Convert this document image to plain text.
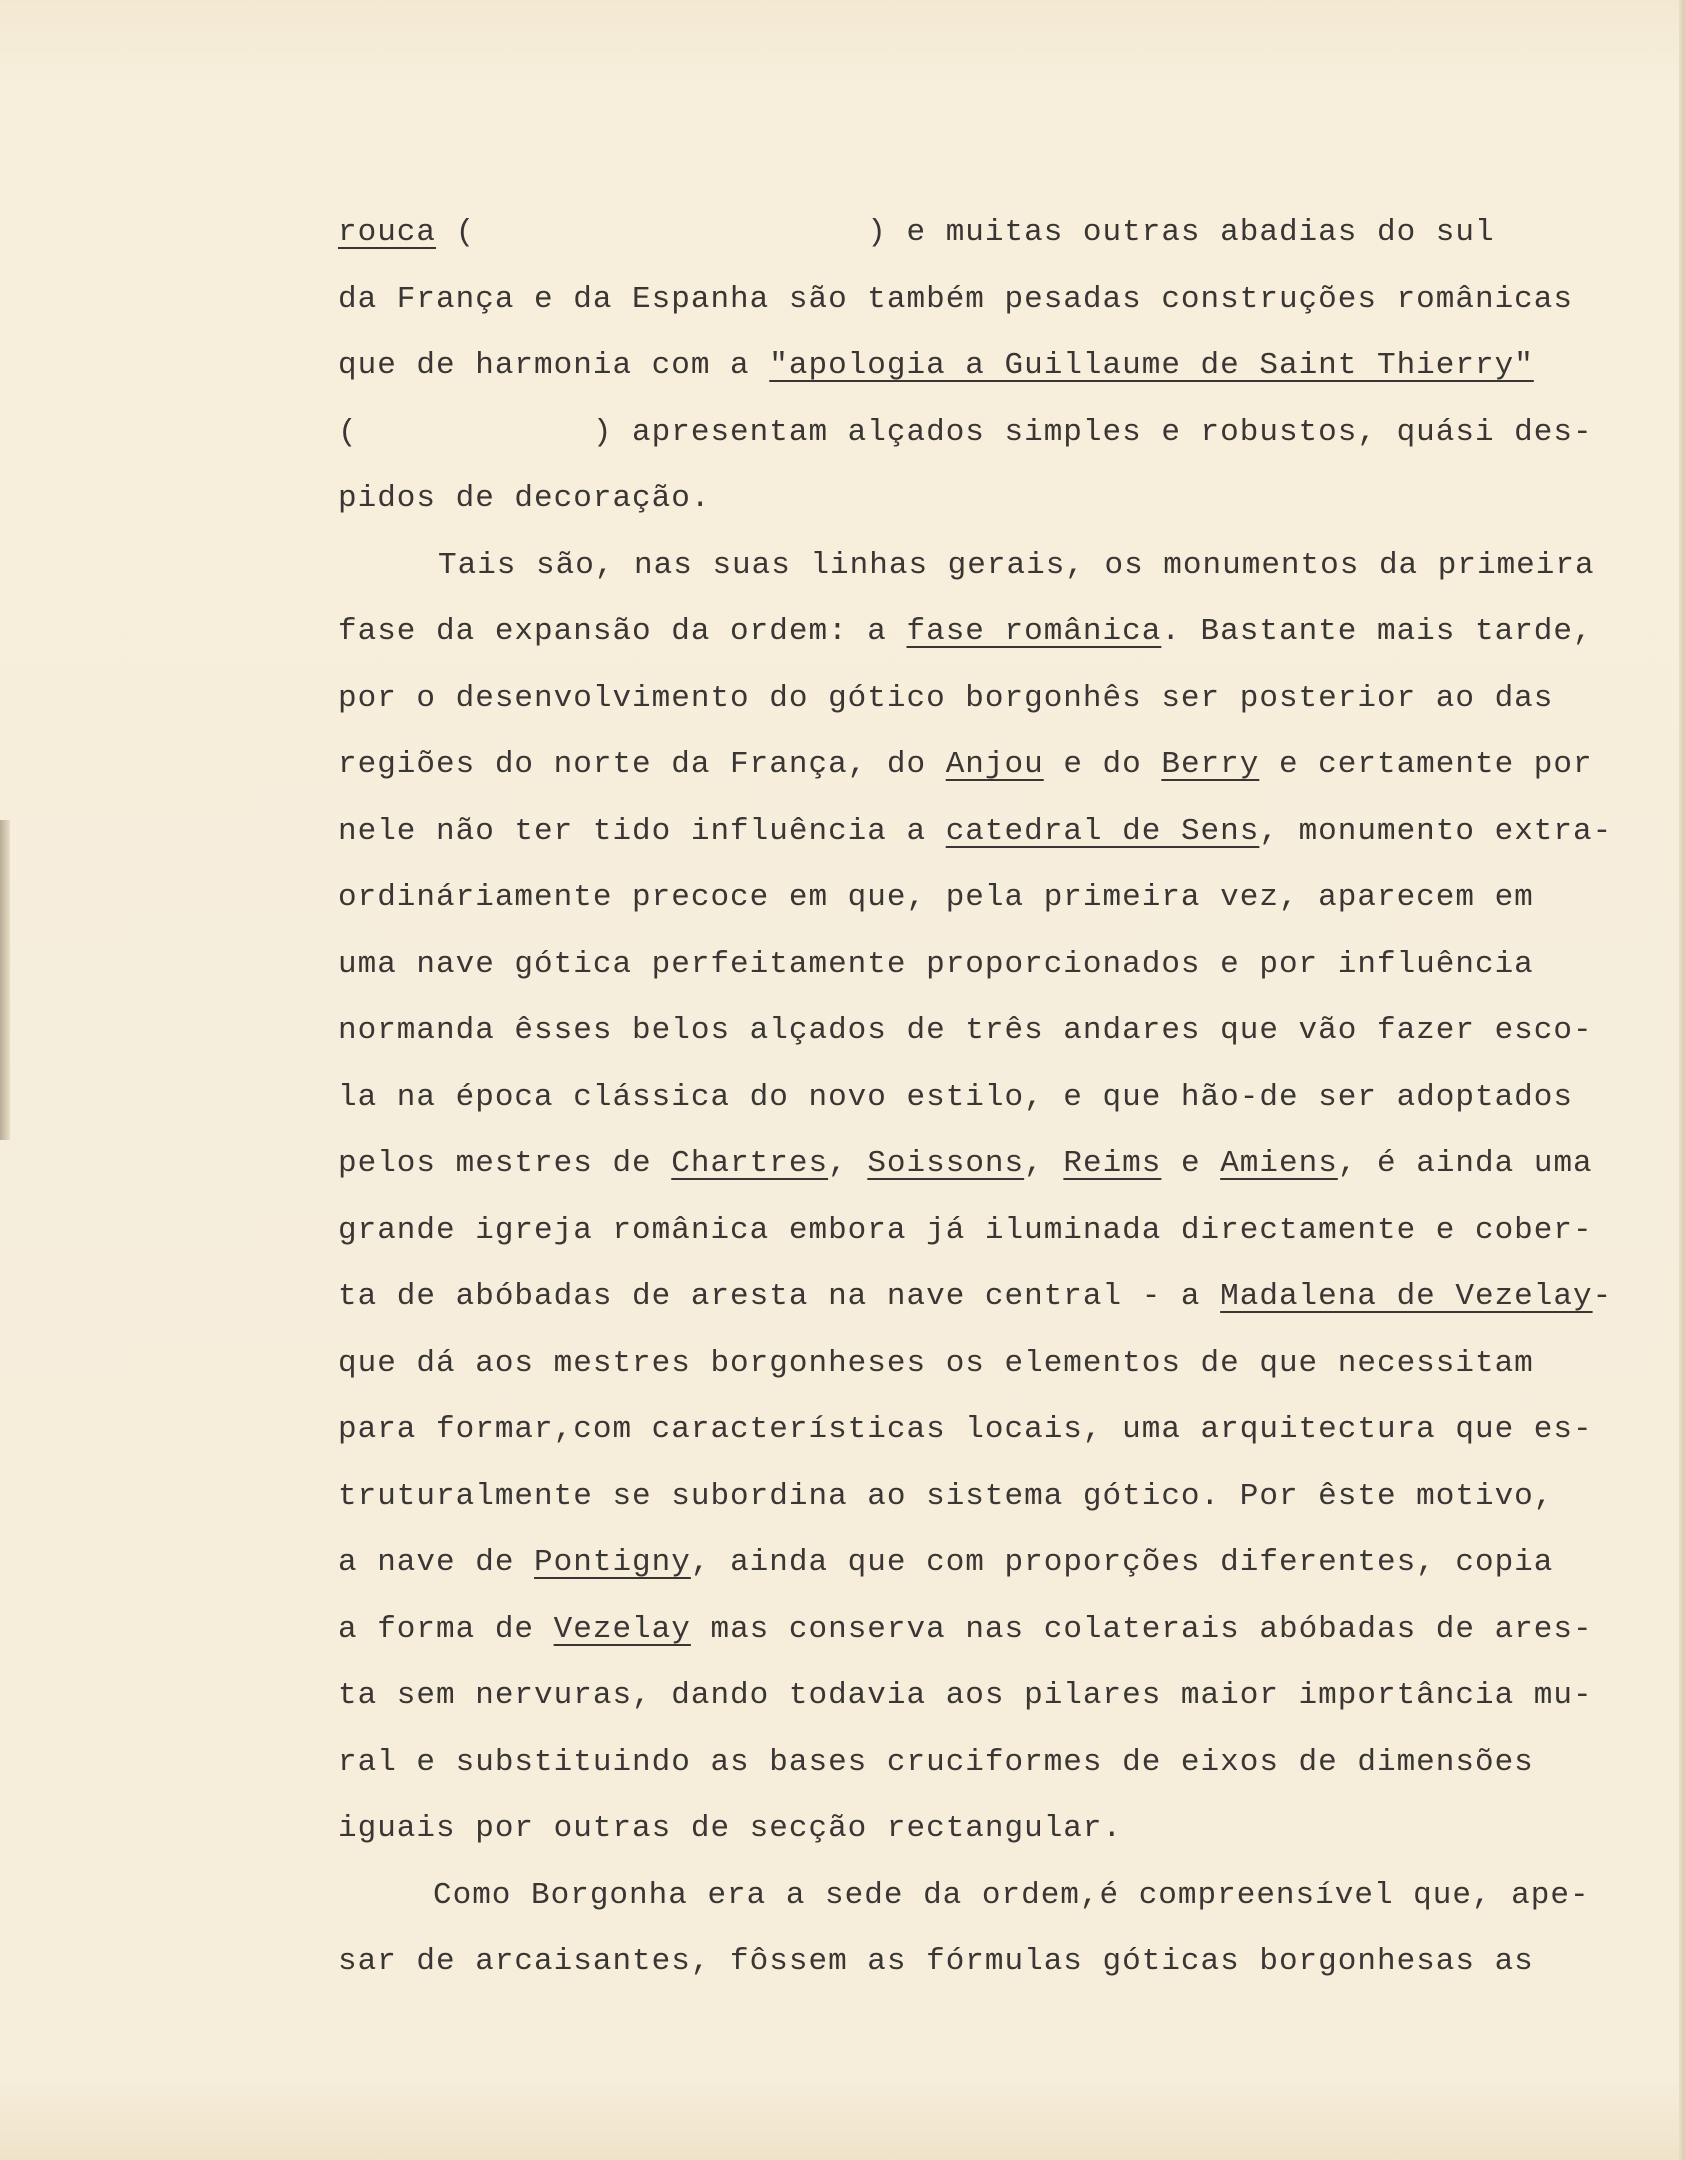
rouca (                    ) e muitas outras abadias do sul
da França e da Espanha são também pesadas construções românicas
que de harmonia com a "apologia a Guillaume de Saint Thierry"
(            ) apresentam alçados simples e robustos, quási des-
pidos de decoração.
Tais são, nas suas linhas gerais, os monumentos da primeira
fase da expansão da ordem: a fase românica. Bastante mais tarde,
por o desenvolvimento do gótico borgonhês ser posterior ao das
regiões do norte da França, do Anjou e do Berry e certamente por
nele não ter tido influência a catedral de Sens, monumento extra-
ordináriamente precoce em que, pela primeira vez, aparecem em
uma nave gótica perfeitamente proporcionados e por influência
normanda êsses belos alçados de três andares que vão fazer esco-
la na época clássica do novo estilo, e que hão-de ser adoptados
pelos mestres de Chartres, Soissons, Reims e Amiens, é ainda uma
grande igreja românica embora já iluminada directamente e cober-
ta de abóbadas de aresta na nave central - a Madalena de Vezelay-
que dá aos mestres borgonheses os elementos de que necessitam
para formar,com características locais, uma arquitectura que es-
truturalmente se subordina ao sistema gótico. Por êste motivo,
a nave de Pontigny, ainda que com proporções diferentes, copia
a forma de Vezelay mas conserva nas colaterais abóbadas de ares-
ta sem nervuras, dando todavia aos pilares maior importância mu-
ral e substituindo as bases cruciformes de eixos de dimensões
iguais por outras de secção rectangular.
Como Borgonha era a sede da ordem,é compreensível que, ape-
sar de arcaisantes, fôssem as fórmulas góticas borgonhesas as
